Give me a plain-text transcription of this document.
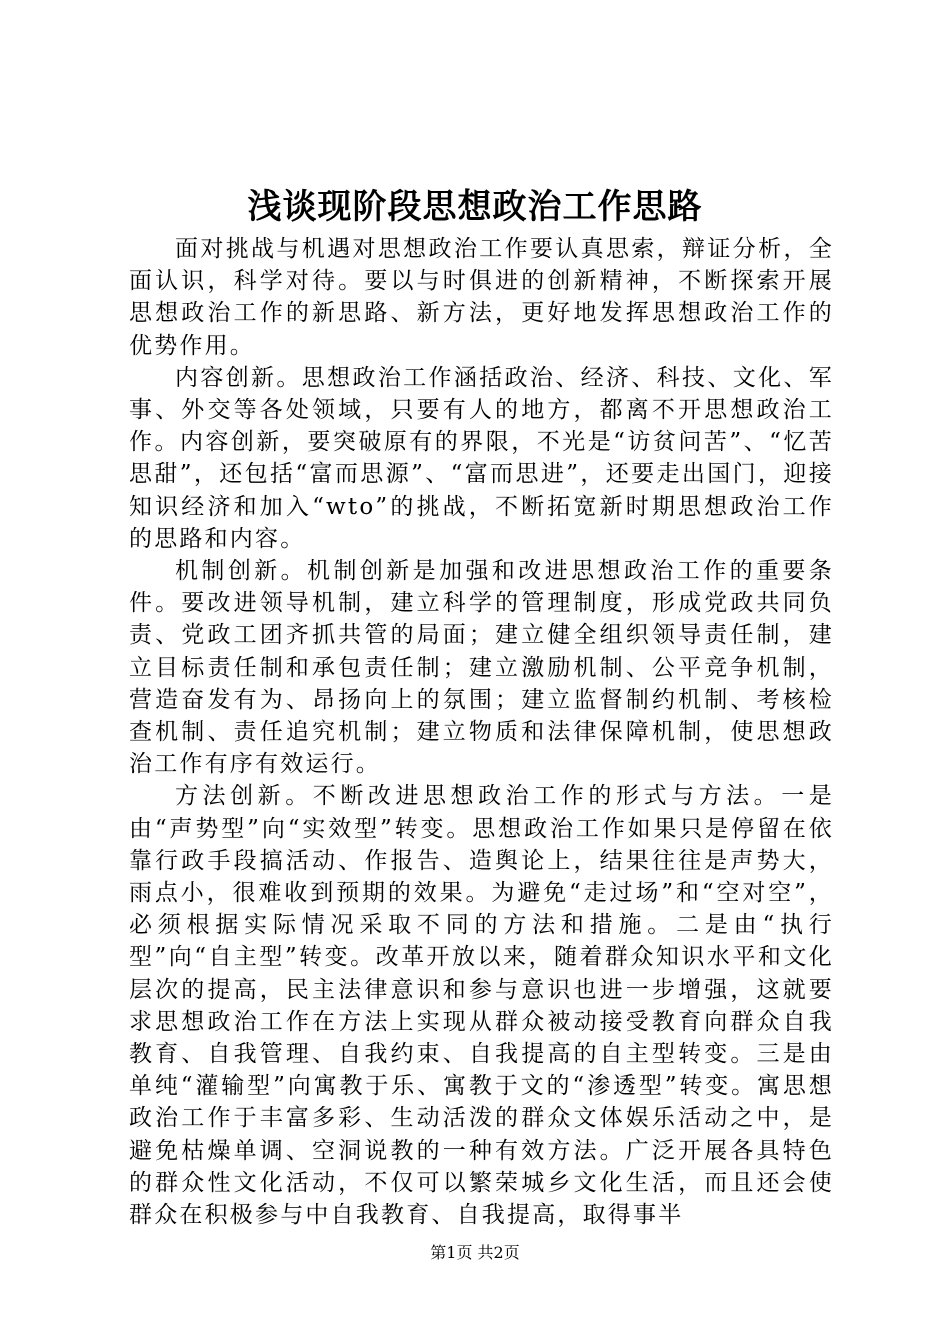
浅谈现阶段思想政治工作思路

面对挑战与机遇对思想政治工作要认真思索，辩证分析，全面认识，科学对待。要以与时俱进的创新精神，不断探索开展思想政治工作的新思路、新方法，更好地发挥思想政治工作的优势作用。

内容创新。思想政治工作涵括政治、经济、科技、文化、军事、外交等各处领域，只要有人的地方，都离不开思想政治工作。内容创新，要突破原有的界限，不光是“访贫问苦”、“忆苦思甜”，还包括“富而思源”、“富而思进”，还要走出国门，迎接知识经济和加入“wto”的挑战，不断拓宽新时期思想政治工作的思路和内容。

机制创新。机制创新是加强和改进思想政治工作的重要条件。要改进领导机制，建立科学的管理制度，形成党政共同负责、党政工团齐抓共管的局面；建立健全组织领导责任制，建立目标责任制和承包责任制；建立激励机制、公平竞争机制，营造奋发有为、昂扬向上的氛围；建立监督制约机制、考核检查机制、责任追究机制；建立物质和法律保障机制，使思想政治工作有序有效运行。

方法创新。不断改进思想政治工作的形式与方法。一是由“声势型”向“实效型”转变。思想政治工作如果只是停留在依靠行政手段搞活动、作报告、造舆论上，结果往往是声势大，雨点小，很难收到预期的效果。为避免“走过场”和“空对空”，必须根据实际情况采取不同的方法和措施。二是由“执行型”向“自主型”转变。改革开放以来，随着群众知识水平和文化层次的提高，民主法律意识和参与意识也进一步增强，这就要求思想政治工作在方法上实现从群众被动接受教育向群众自我教育、自我管理、自我约束、自我提高的自主型转变。三是由单纯“灌输型”向寓教于乐、寓教于文的“渗透型”转变。寓思想政治工作于丰富多彩、生动活泼的群众文体娱乐活动之中，是避免枯燥单调、空洞说教的一种有效方法。广泛开展各具特色的群众性文化活动，不仅可以繁荣城乡文化生活，而且还会使群众在积极参与中自我教育、自我提高，取得事半

第1页 共2页
